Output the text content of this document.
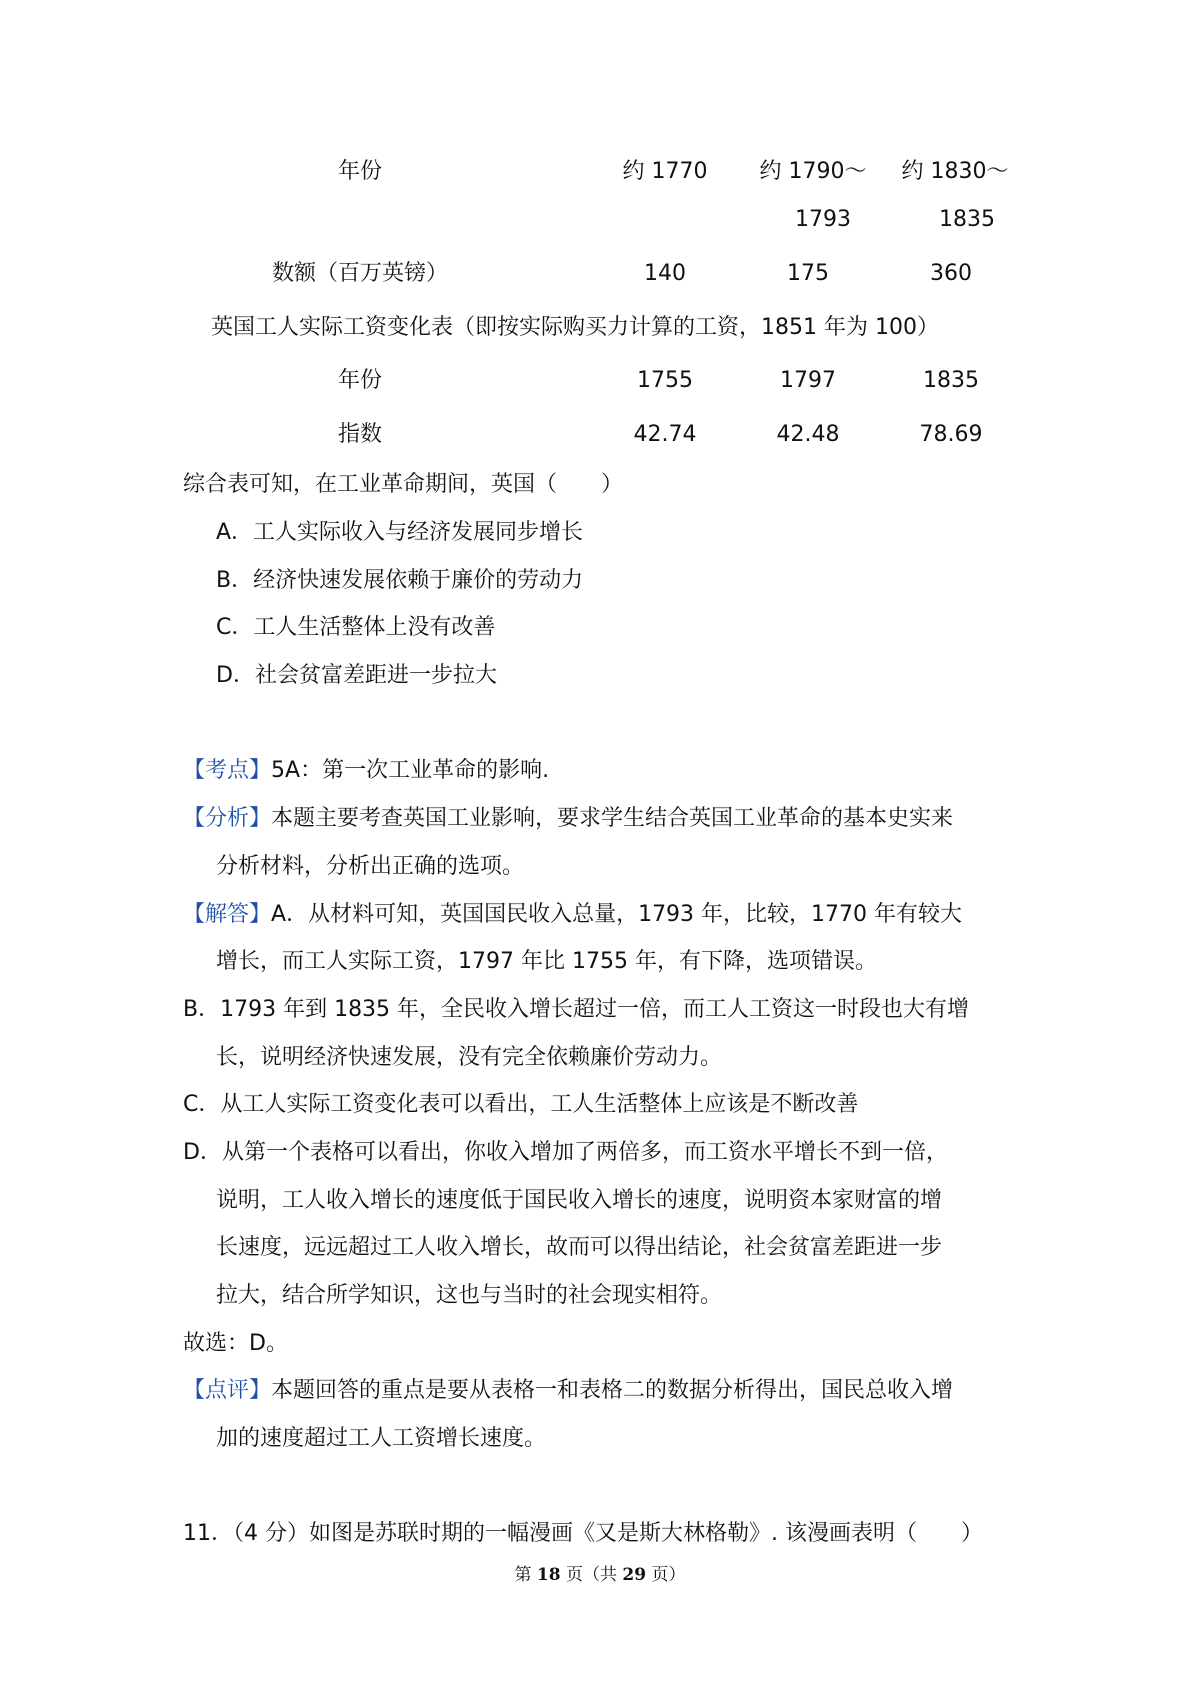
年份	约 1770	约 1790～	约 1830～
1793	1835
数额（百万英镑）	140	175	360
英国工人实际工资变化表（即按实际购买力计算的工资，1851 年为 100）
年份	1755	1797	1835
指数	42.74	42.48	78.69
综合表可知，在工业革命期间，英国（　　）
A．工人实际收入与经济发展同步增长
B．经济快速发展依赖于廉价的劳动力
C．工人生活整体上没有改善
D．社会贫富差距进一步拉大
【考点】5A：第一次工业革命的影响.
【分析】本题主要考查英国工业影响，要求学生结合英国工业革命的基本史实来
分析材料，分析出正确的选项。
【解答】A．从材料可知，英国国民收入总量，1793 年，比较，1770 年有较大
增长，而工人实际工资，1797 年比 1755 年，有下降，选项错误。
B．1793 年到 1835 年，全民收入增长超过一倍，而工人工资这一时段也大有增
长，说明经济快速发展，没有完全依赖廉价劳动力。
C．从工人实际工资变化表可以看出，工人生活整体上应该是不断改善
D．从第一个表格可以看出，你收入增加了两倍多，而工资水平增长不到一倍，
说明，工人收入增长的速度低于国民收入增长的速度，说明资本家财富的增
长速度，远远超过工人收入增长，故而可以得出结论，社会贫富差距进一步
拉大，结合所学知识，这也与当时的社会现实相符。
故选：D。
【点评】本题回答的重点是要从表格一和表格二的数据分析得出，国民总收入增
加的速度超过工人工资增长速度。
11．（4 分）如图是苏联时期的一幅漫画《又是斯大林格勒》. 该漫画表明（　　）
第 18 页（共 29 页）
